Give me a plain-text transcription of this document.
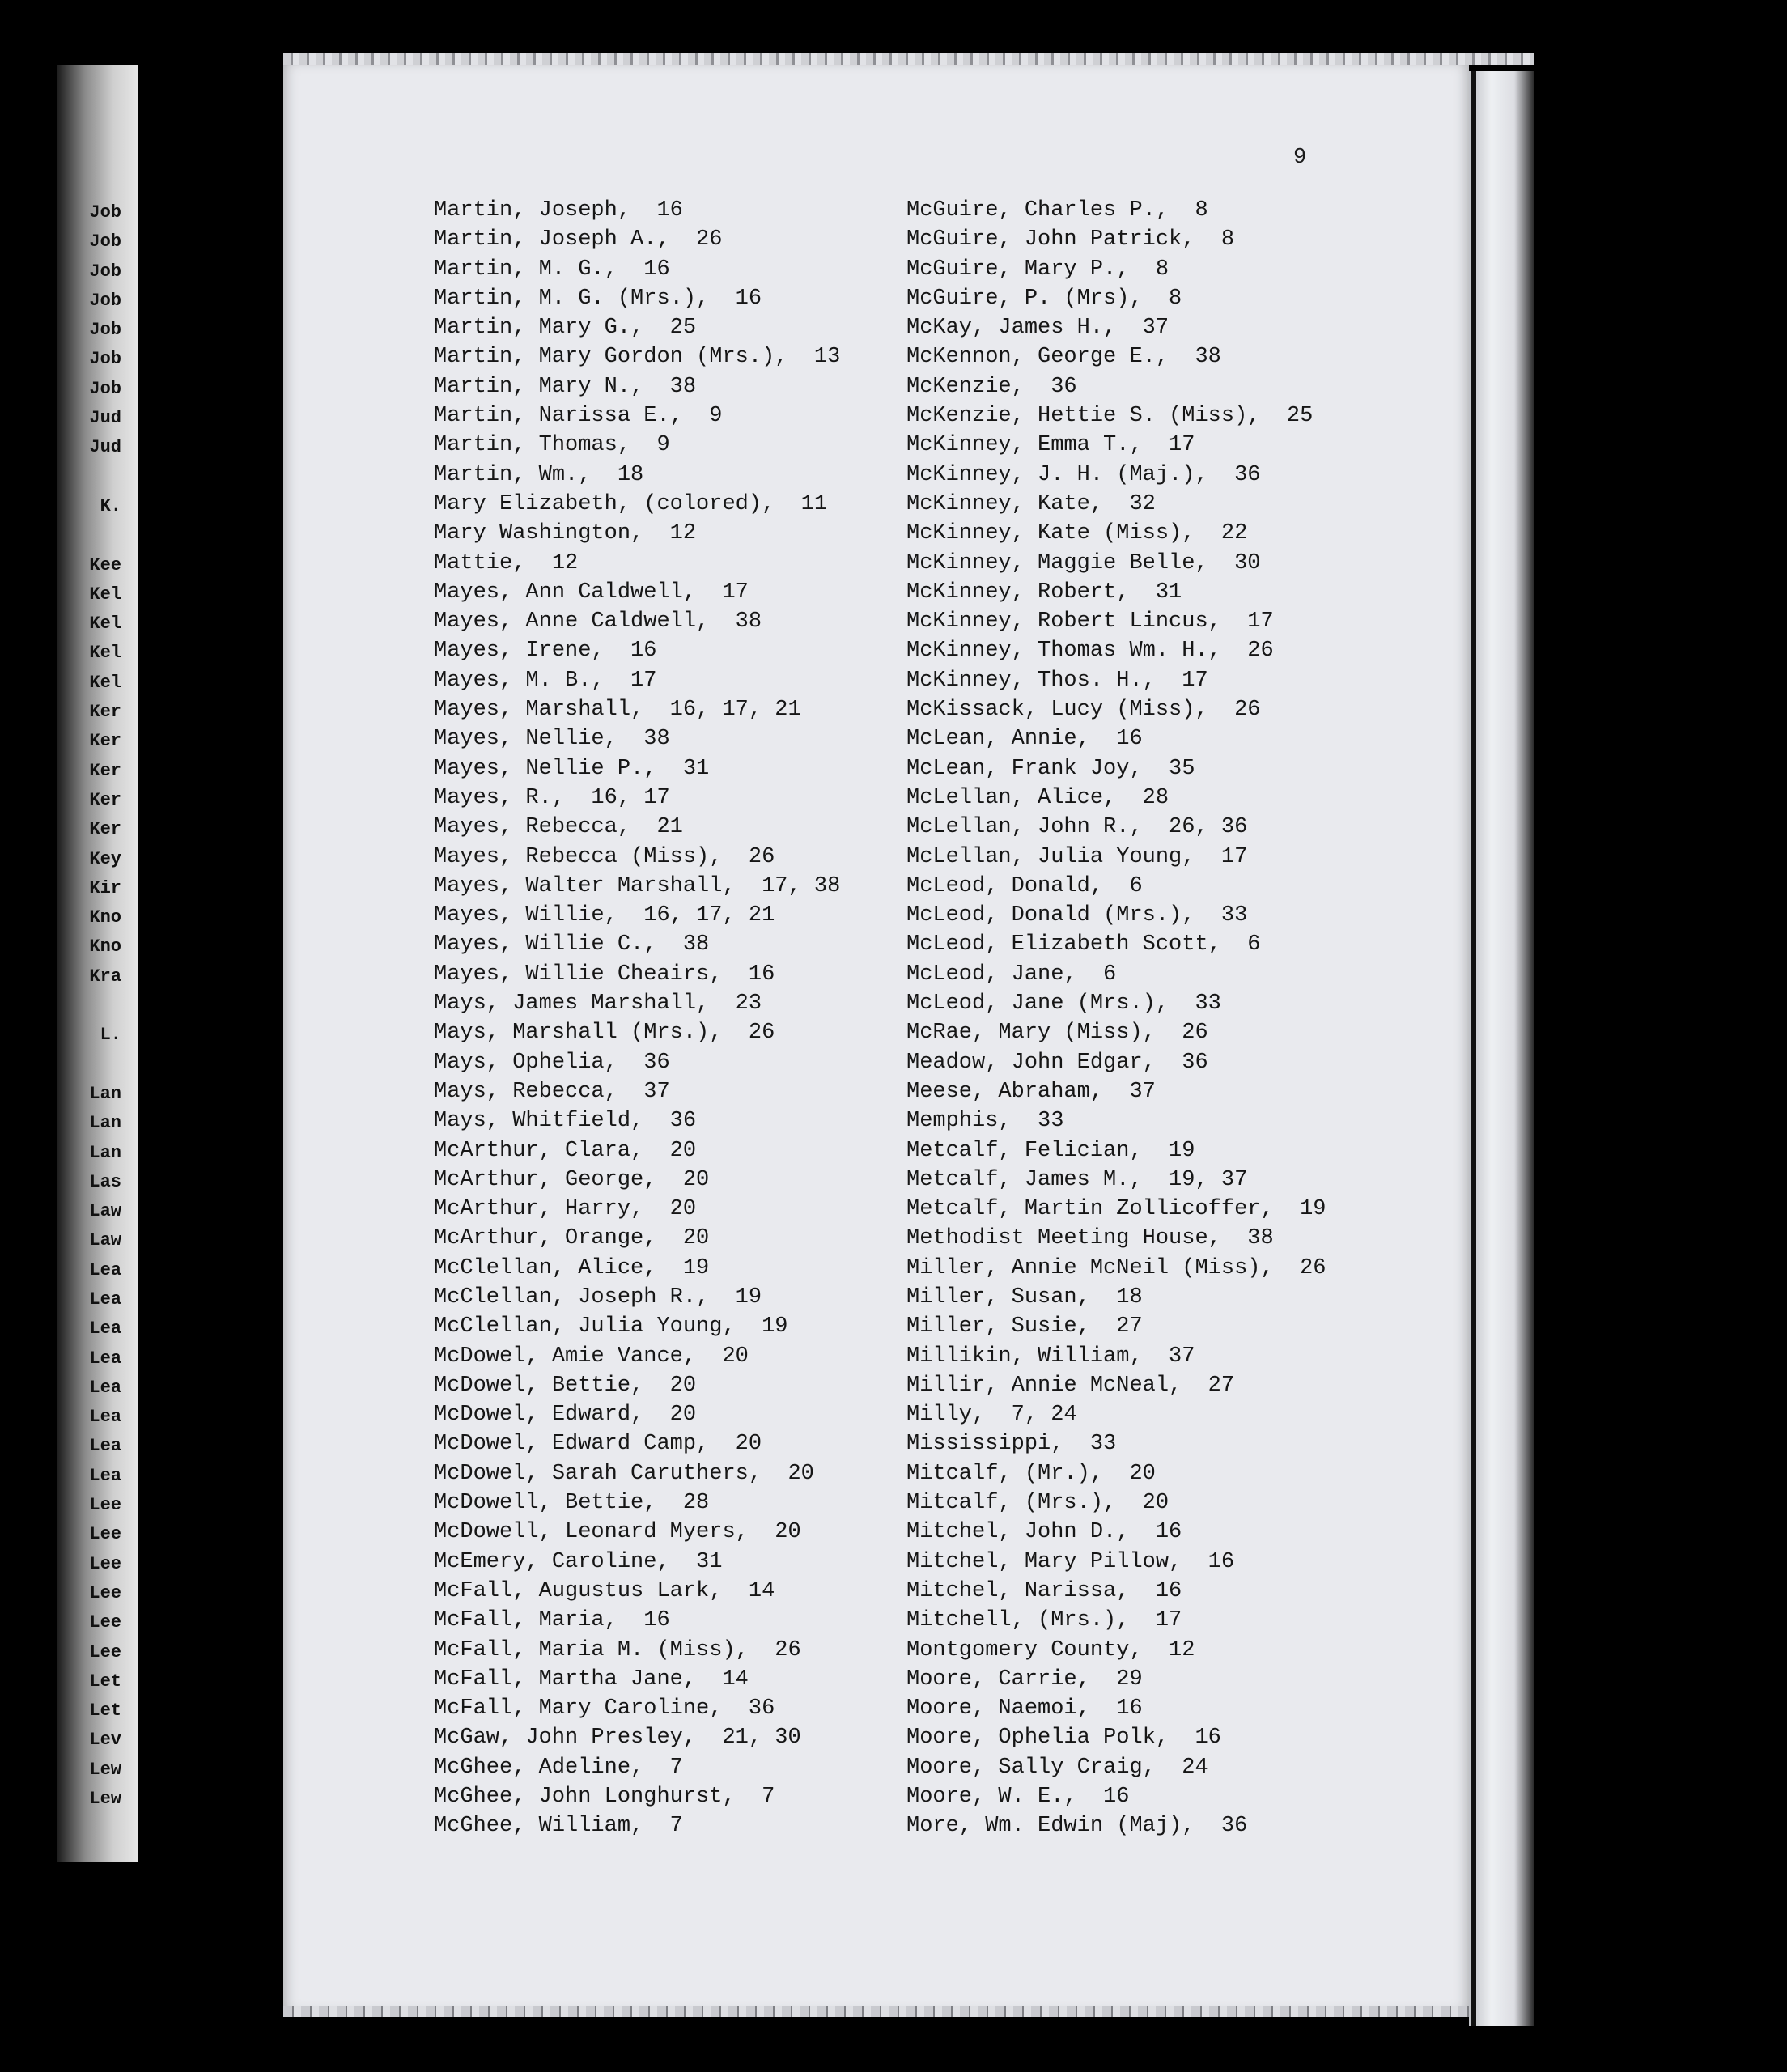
Job
Job
Job
Job
Job
Job
Job
Jud
Jud
K.
Kee
Kel
Kel
Kel
Kel
Ker
Ker
Ker
Ker
Ker
Key
Kir
Kno
Kno
Kra
L.
Lan
Lan
Lan
Las
Law
Law
Lea
Lea
Lea
Lea
Lea
Lea
Lea
Lea
Lee
Lee
Lee
Lee
Lee
Lee
Let
Let
Lev
Lew
Lew
9
Martin, Joseph,  16
Martin, Joseph A.,  26
Martin, M. G.,  16
Martin, M. G. (Mrs.),  16
Martin, Mary G.,  25
Martin, Mary Gordon (Mrs.),  13
Martin, Mary N.,  38
Martin, Narissa E.,  9
Martin, Thomas,  9
Martin, Wm.,  18
Mary Elizabeth, (colored),  11
Mary Washington,  12
Mattie,  12
Mayes, Ann Caldwell,  17
Mayes, Anne Caldwell,  38
Mayes, Irene,  16
Mayes, M. B.,  17
Mayes, Marshall,  16, 17, 21
Mayes, Nellie,  38
Mayes, Nellie P.,  31
Mayes, R.,  16, 17
Mayes, Rebecca,  21
Mayes, Rebecca (Miss),  26
Mayes, Walter Marshall,  17, 38
Mayes, Willie,  16, 17, 21
Mayes, Willie C.,  38
Mayes, Willie Cheairs,  16
Mays, James Marshall,  23
Mays, Marshall (Mrs.),  26
Mays, Ophelia,  36
Mays, Rebecca,  37
Mays, Whitfield,  36
McArthur, Clara,  20
McArthur, George,  20
McArthur, Harry,  20
McArthur, Orange,  20
McClellan, Alice,  19
McClellan, Joseph R.,  19
McClellan, Julia Young,  19
McDowel, Amie Vance,  20
McDowel, Bettie,  20
McDowel, Edward,  20
McDowel, Edward Camp,  20
McDowel, Sarah Caruthers,  20
McDowell, Bettie,  28
McDowell, Leonard Myers,  20
McEmery, Caroline,  31
McFall, Augustus Lark,  14
McFall, Maria,  16
McFall, Maria M. (Miss),  26
McFall, Martha Jane,  14
McFall, Mary Caroline,  36
McGaw, John Presley,  21, 30
McGhee, Adeline,  7
McGhee, John Longhurst,  7
McGhee, William,  7
McGuire, Charles P.,  8
McGuire, John Patrick,  8
McGuire, Mary P.,  8
McGuire, P. (Mrs),  8
McKay, James H.,  37
McKennon, George E.,  38
McKenzie,  36
McKenzie, Hettie S. (Miss),  25
McKinney, Emma T.,  17
McKinney, J. H. (Maj.),  36
McKinney, Kate,  32
McKinney, Kate (Miss),  22
McKinney, Maggie Belle,  30
McKinney, Robert,  31
McKinney, Robert Lincus,  17
McKinney, Thomas Wm. H.,  26
McKinney, Thos. H.,  17
McKissack, Lucy (Miss),  26
McLean, Annie,  16
McLean, Frank Joy,  35
McLellan, Alice,  28
McLellan, John R.,  26, 36
McLellan, Julia Young,  17
McLeod, Donald,  6
McLeod, Donald (Mrs.),  33
McLeod, Elizabeth Scott,  6
McLeod, Jane,  6
McLeod, Jane (Mrs.),  33
McRae, Mary (Miss),  26
Meadow, John Edgar,  36
Meese, Abraham,  37
Memphis,  33
Metcalf, Felician,  19
Metcalf, James M.,  19, 37
Metcalf, Martin Zollicoffer,  19
Methodist Meeting House,  38
Miller, Annie McNeil (Miss),  26
Miller, Susan,  18
Miller, Susie,  27
Millikin, William,  37
Millir, Annie McNeal,  27
Milly,  7, 24
Mississippi,  33
Mitcalf, (Mr.),  20
Mitcalf, (Mrs.),  20
Mitchel, John D.,  16
Mitchel, Mary Pillow,  16
Mitchel, Narissa,  16
Mitchell, (Mrs.),  17
Montgomery County,  12
Moore, Carrie,  29
Moore, Naemoi,  16
Moore, Ophelia Polk,  16
Moore, Sally Craig,  24
Moore, W. E.,  16
More, Wm. Edwin (Maj),  36
